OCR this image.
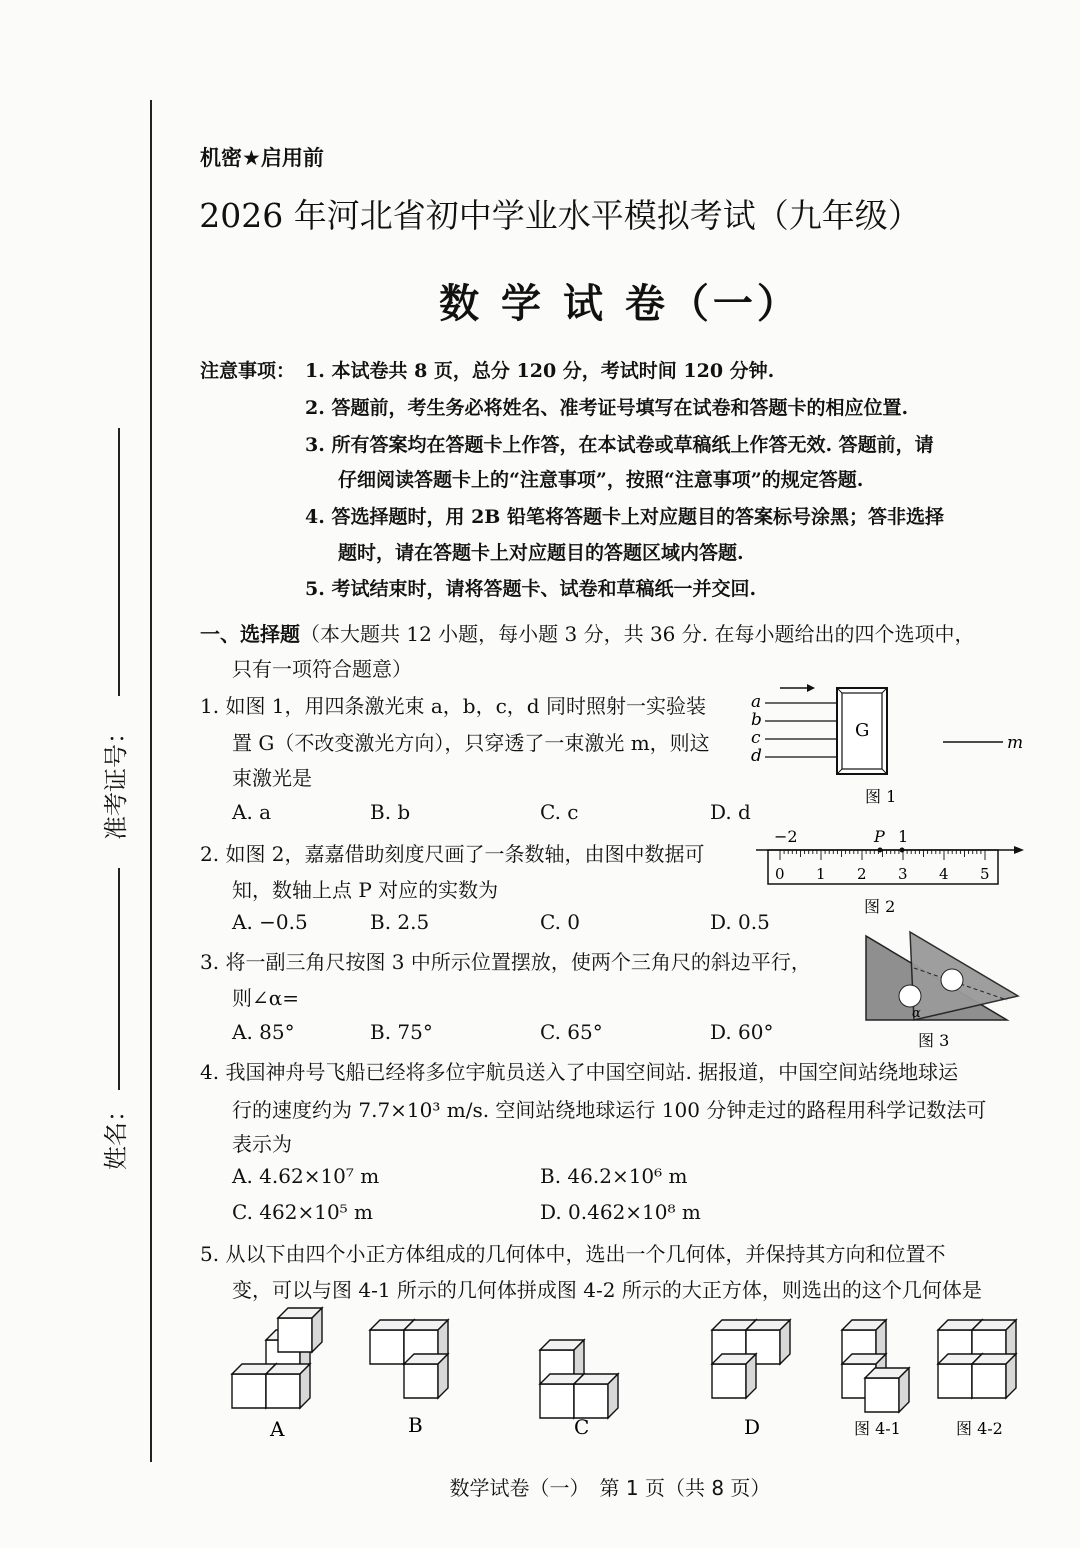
准考证号：
姓名：
机密★启用前
2026 年河北省初中学业水平模拟考试（九年级）
数 学 试 卷（一）
注意事项： 1. 本试卷共 8 页，总分 120 分，考试时间 120 分钟.
2. 答题前，考生务必将姓名、准考证号填写在试卷和答题卡的相应位置.
3. 所有答案均在答题卡上作答，在本试卷或草稿纸上作答无效. 答题前，请
仔细阅读答题卡上的“注意事项”，按照“注意事项”的规定答题.
4. 答选择题时，用 2B 铅笔将答题卡上对应题目的答案标号涂黑；答非选择
题时，请在答题卡上对应题目的答题区域内答题.
5. 考试结束时，请将答题卡、试卷和草稿纸一并交回.
一、选择题（本大题共 12 小题，每小题 3 分，共 36 分. 在每小题给出的四个选项中，
只有一项符合题意）
1. 如图 1，用四条激光束 a，b，c，d 同时照射一实验装
置 G（不改变激光方向），只穿透了一束激光 m，则这
束激光是
A. a	B. b	C. c	D. d
a
b
c
d
G
m
图 1
2. 如图 2，嘉嘉借助刻度尺画了一条数轴，由图中数据可
知，数轴上点 P 对应的实数为
A. −0.5	B. 2.5	C. 0	D. 0.5
0 1 2 3 4 5
−2	P 1
图 2
3. 将一副三角尺按图 3 中所示位置摆放，使两个三角尺的斜边平行，
则∠α=
A. 85°	B. 75°	C. 65°	D. 60°
α
图 3
4. 我国神舟号飞船已经将多位宇航员送入了中国空间站. 据报道，中国空间站绕地球运
行的速度约为 7.7×10³ m/s. 空间站绕地球运行 100 分钟走过的路程用科学记数法可
表示为
A. 4.62×10⁷ m	B. 46.2×10⁶ m
C. 462×10⁵ m	D. 0.462×10⁸ m
5. 从以下由四个小正方体组成的几何体中，选出一个几何体，并保持其方向和位置不
变，可以与图 4-1 所示的几何体拼成图 4-2 所示的大正方体，则选出的这个几何体是
A	B	C	D	图 4-1	图 4-2
数学试卷（一）　第 1 页（共 8 页）
